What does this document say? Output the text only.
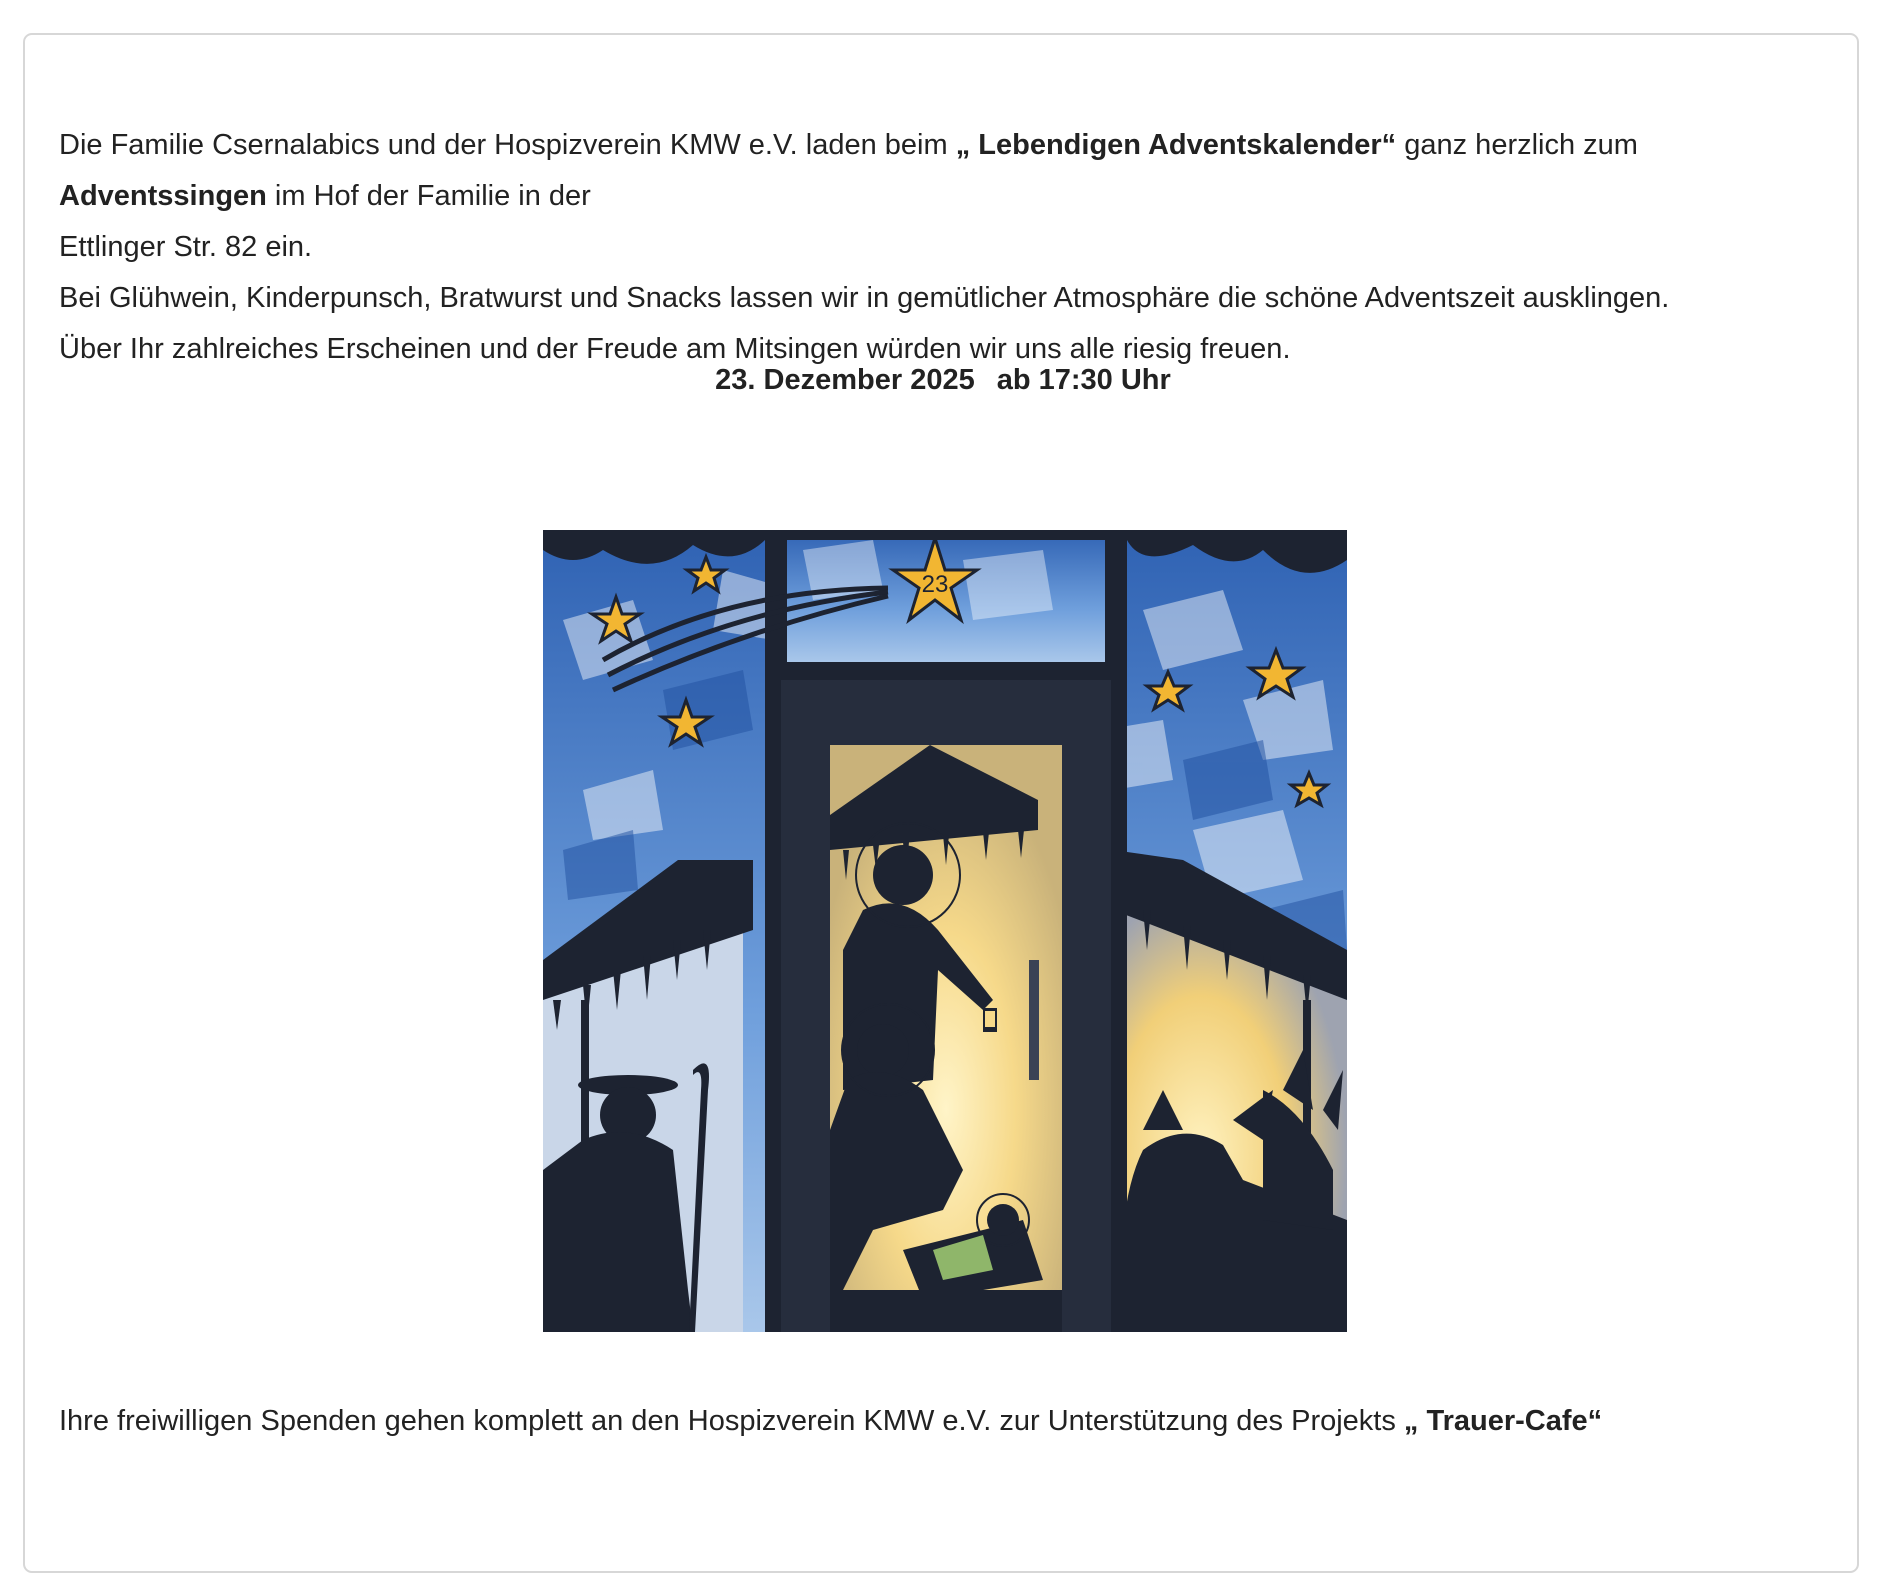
Die Familie Csernalabics und der Hospizverein KMW e.V. laden beim „ Lebendigen Adventskalender“ ganz herzlich zum

Adventssingen im Hof der Familie in der

Ettlinger Str. 82 ein.

Bei Glühwein, Kinderpunsch, Bratwurst und Snacks lassen wir in gemütlicher Atmosphäre die schöne Adventszeit ausklingen.

Über Ihr zahlreiches Erscheinen und der Freude am Mitsingen würden wir uns alle riesig freuen.

23. Dezember 2025 ab 17:30 Uhr
23
Ihre freiwilligen Spenden gehen komplett an den Hospizverein KMW e.V. zur Unterstützung des Projekts „ Trauer-Cafe“
